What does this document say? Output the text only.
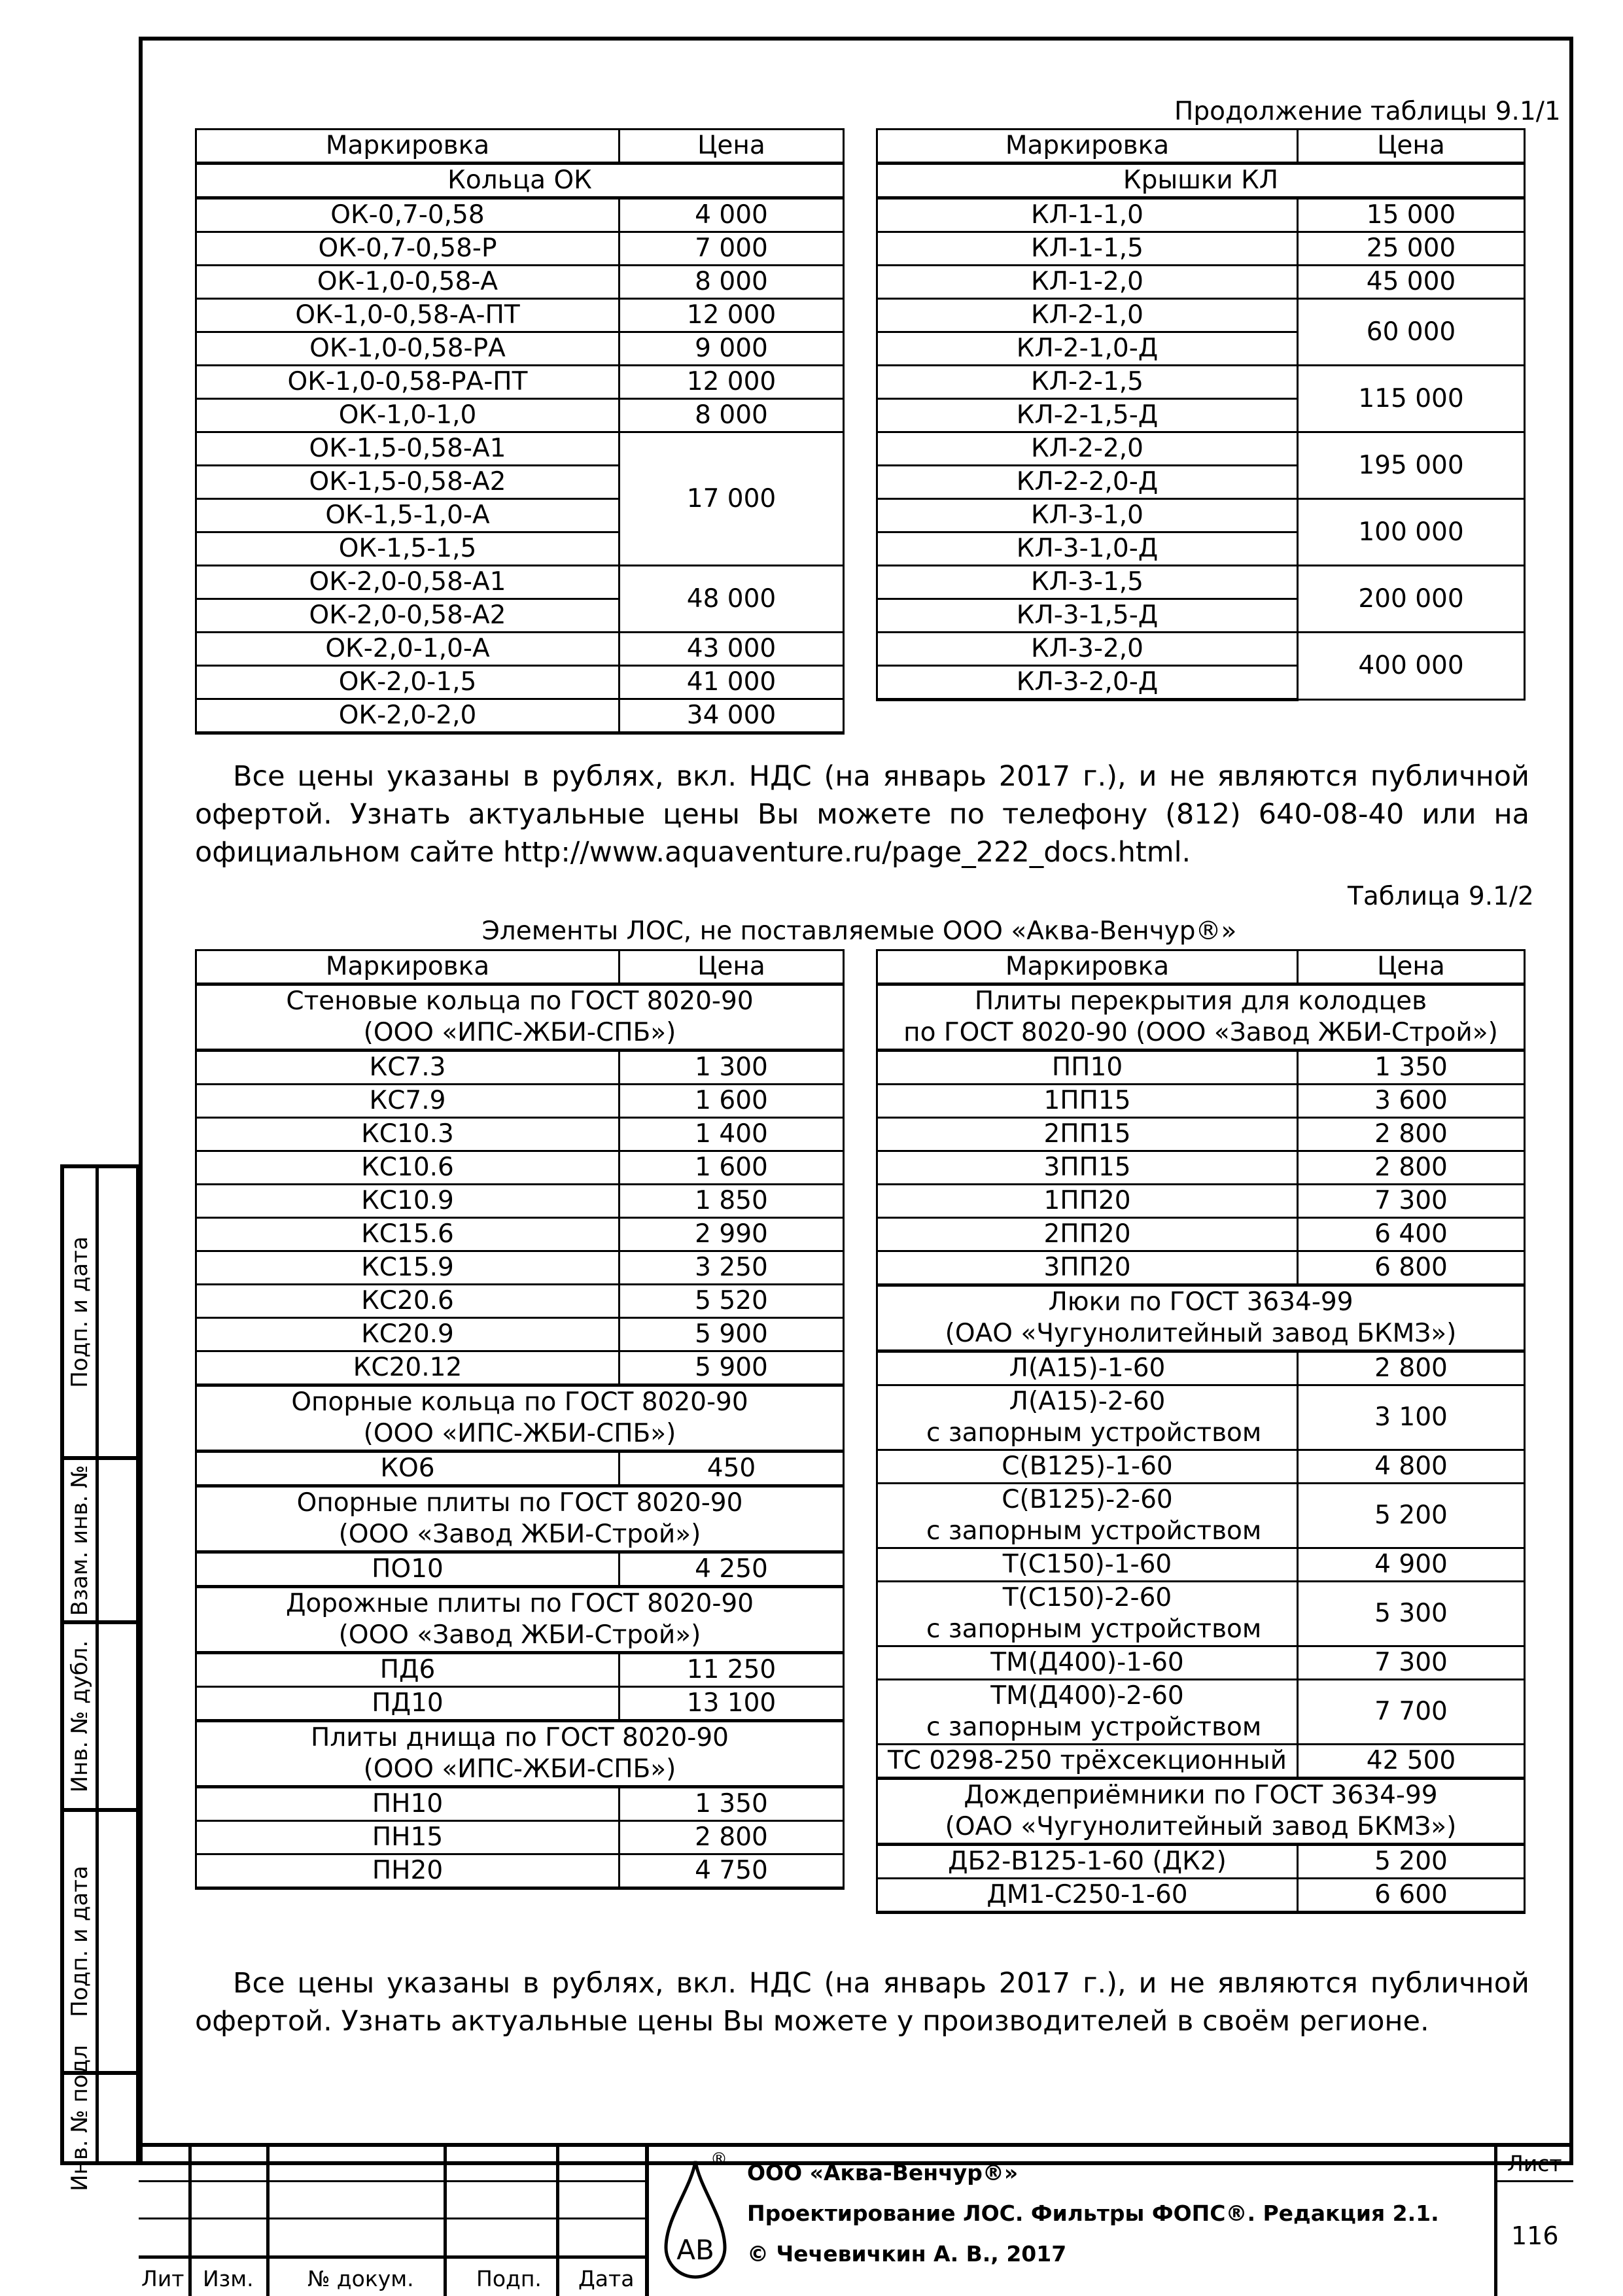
Продолжение таблицы 9.1/1
Маркировка	Цена
Кольца ОК	
ОК-0,7-0,58	4 000
ОК-0,7-0,58-Р	7 000
ОК-1,0-0,58-А	8 000
ОК-1,0-0,58-А-ПТ	12 000
ОК-1,0-0,58-РА	9 000
ОК-1,0-0,58-РА-ПТ	12 000
ОК-1,0-1,0	8 000
ОК-1,5-0,58-А1	17 000
ОК-1,5-0,58-А2	
ОК-1,5-1,0-А	
ОК-1,5-1,5	
ОК-2,0-0,58-А1	48 000
ОК-2,0-0,58-А2	
ОК-2,0-1,0-А	43 000
ОК-2,0-1,5	41 000
ОК-2,0-2,0	34 000
Маркировка	Цена
Крышки КЛ	
КЛ-1-1,0	15 000
КЛ-1-1,5	25 000
КЛ-1-2,0	45 000
КЛ-2-1,0	60 000
КЛ-2-1,0-Д	
КЛ-2-1,5	115 000
КЛ-2-1,5-Д	
КЛ-2-2,0	195 000
КЛ-2-2,0-Д	
КЛ-3-1,0	100 000
КЛ-3-1,0-Д	
КЛ-3-1,5	200 000
КЛ-3-1,5-Д	
КЛ-3-2,0	400 000
КЛ-3-2,0-Д	

Все цены указаны в рублях, вкл. НДС (на январь 2017 г.), и не являются публичной офертой. Узнать актуальные цены Вы можете по телефону (812) 640-08-40 или на официальном сайте http://www.aquaventure.ru/page_222_docs.html.

Таблица 9.1/2
Элементы ЛОС, не поставляемые ООО «Аква-Венчур®»
Маркировка	Цена

Стеновые кольца по ГОСТ 8020-90
(ООО «ИПС-ЖБИ-СПБ»)	

КС7.3	1 300
КС7.9	1 600
КС10.3	1 400
КС10.6	1 600
КС10.9	1 850
КС15.6	2 990
КС15.9	3 250
КС20.6	5 520
КС20.9	5 900
КС20.12	5 900

Опорные кольца по ГОСТ 8020-90
(ООО «ИПС-ЖБИ-СПБ»)	

КО6	450

Опорные плиты по ГОСТ 8020-90
(ООО «Завод ЖБИ-Строй»)	

ПО10	4 250

Дорожные плиты по ГОСТ 8020-90
(ООО «Завод ЖБИ-Строй»)	

ПД6	11 250
ПД10	13 100

Плиты днища по ГОСТ 8020-90
(ООО «ИПС-ЖБИ-СПБ»)	

ПН10	1 350
ПН15	2 800
ПН20	4 750
Маркировка	Цена

Плиты перекрытия для колодцев
по ГОСТ 8020-90 (ООО «Завод ЖБИ-Строй»)	

ПП10	1 350
1ПП15	3 600
2ПП15	2 800
3ПП15	2 800
1ПП20	7 300
2ПП20	6 400
3ПП20	6 800

Люки по ГОСТ 3634-99
(ОАО «Чугунолитейный завод БКМЗ»)	

Л(А15)-1-60	2 800

Л(А15)-2-60
с запорным устройством	3 100
С(В125)-1-60	4 800

С(В125)-2-60
с запорным устройством	5 200
Т(С150)-1-60	4 900

Т(С150)-2-60
с запорным устройством	5 300
ТМ(Д400)-1-60	7 300

ТМ(Д400)-2-60
с запорным устройством	7 700
ТС 0298-250 трёхсекционный	42 500

Дождеприёмники по ГОСТ 3634-99
(ОАО «Чугунолитейный завод БКМЗ»)	

ДБ2-В125-1-60 (ДК2)	5 200
ДМ1-С250-1-60	6 600

Все цены указаны в рублях, вкл. НДС (на январь 2017 г.), и не являются публичной офертой. Узнать актуальные цены Вы можете у производителей в своём регионе.

Подп. и дата
Взам. инв. №
Инв. № дубл.
Подп. и дата
Инв. № подл
Лит Изм. № докум.	Подп. Дата
АВ
®
ООО «Аква-Венчур®»
Проектирование ЛОС. Фильтры ФОПС®. Редакция 2.1.
© Чечевичкин А. В., 2017
Лист
116
